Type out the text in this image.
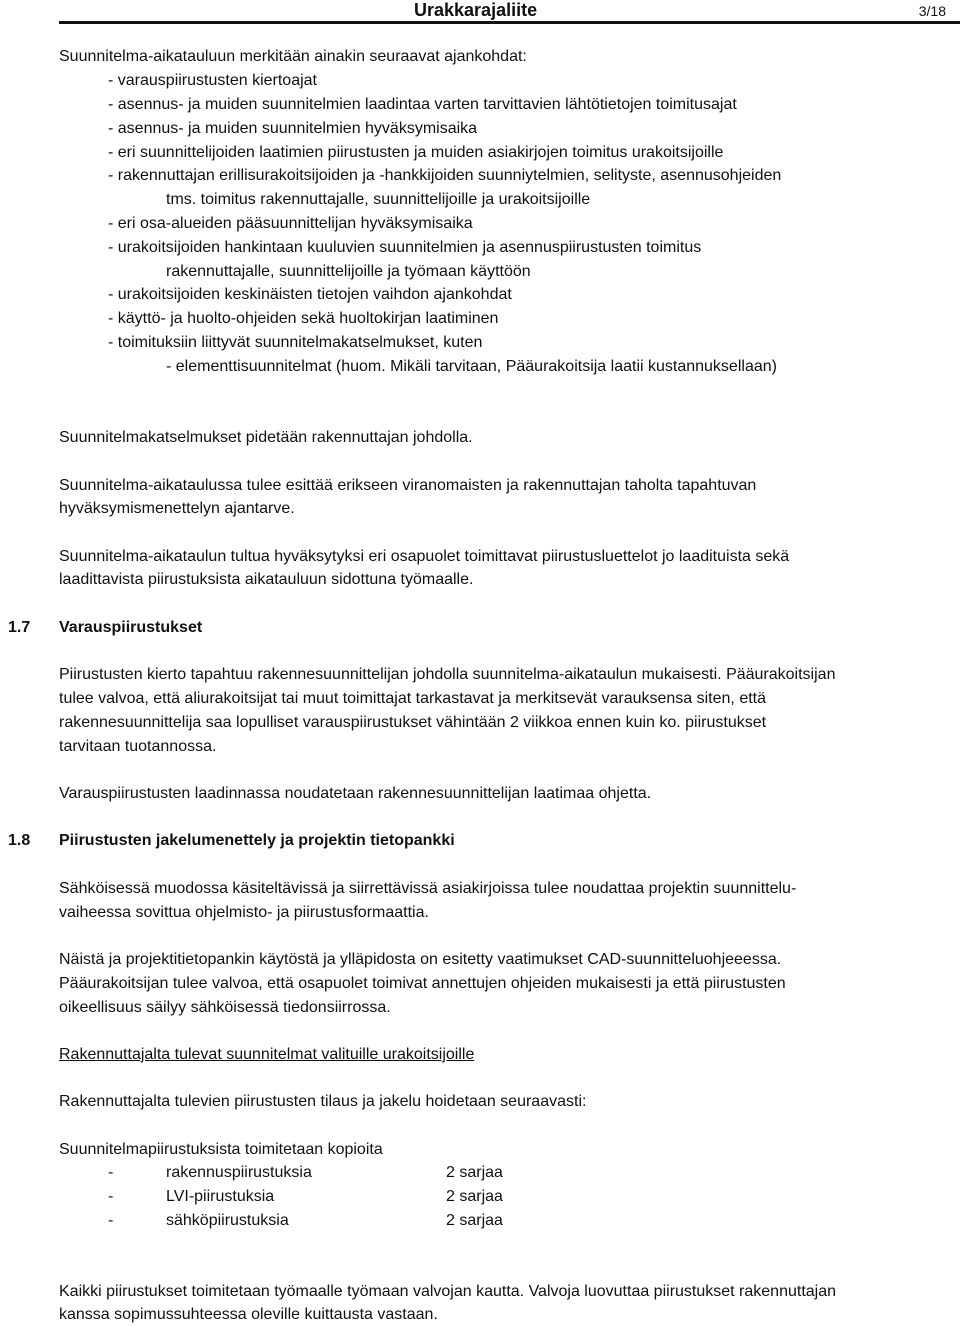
Urakkarajaliite	3/18
Suunnitelma-aikatauluun merkitään ainakin seuraavat ajankohdat:
- varauspiirustusten kiertoajat
- asennus- ja muiden suunnitelmien laadintaa varten tarvittavien lähtötietojen toimitusajat
- asennus- ja muiden suunnitelmien hyväksymisaika
- eri suunnittelijoiden laatimien piirustusten ja muiden asiakirjojen toimitus urakoitsijoille
- rakennuttajan erillisurakoitsijoiden ja -hankkijoiden suunniytelmien, selityste, asennusohjeiden
tms. toimitus rakennuttajalle, suunnittelijoille ja urakoitsijoille
- eri osa-alueiden pääsuunnittelijan hyväksymisaika
- urakoitsijoiden hankintaan kuuluvien suunnitelmien ja asennuspiirustusten toimitus
rakennuttajalle, suunnittelijoille ja työmaan käyttöön
- urakoitsijoiden keskinäisten tietojen vaihdon ajankohdat
- käyttö- ja huolto-ohjeiden sekä huoltokirjan laatiminen
- toimituksiin liittyvät suunnitelmakatselmukset, kuten
- elementtisuunnitelmat (huom. Mikäli tarvitaan, Pääurakoitsija laatii kustannuksellaan)
Suunnitelmakatselmukset pidetään rakennuttajan johdolla.
Suunnitelma-aikataulussa tulee esittää erikseen viranomaisten ja rakennuttajan taholta tapahtuvan
hyväksymismenettelyn ajantarve.
Suunnitelma-aikataulun tultua hyväksytyksi eri osapuolet toimittavat piirustusluettelot jo laadituista sekä
laadittavista piirustuksista aikatauluun sidottuna työmaalle.
1.7 Varauspiirustukset
Piirustusten kierto tapahtuu rakennesuunnittelijan johdolla suunnitelma-aikataulun mukaisesti. Pääurakoitsijan
tulee valvoa, että aliurakoitsijat tai muut toimittajat tarkastavat ja merkitsevät varauksensa siten, että
rakennesuunnittelija saa lopulliset varauspiirustukset vähintään 2 viikkoa ennen kuin ko. piirustukset
tarvitaan tuotannossa.
Varauspiirustusten laadinnassa noudatetaan rakennesuunnittelijan laatimaa ohjetta.
1.8 Piirustusten jakelumenettely ja projektin tietopankki
Sähköisessä muodossa käsiteltävissä ja siirrettävissä asiakirjoissa tulee noudattaa projektin suunnittelu-
vaiheessa sovittua ohjelmisto- ja piirustusformaattia.
Näistä ja projektitietopankin käytöstä ja ylläpidosta on esitetty vaatimukset CAD-suunnitteluohjeeessa.
Pääurakoitsijan tulee valvoa, että osapuolet toimivat annettujen ohjeiden mukaisesti ja että piirustusten
oikeellisuus säilyy sähköisessä tiedonsiirrossa.
Rakennuttajalta tulevat suunnitelmat valituille urakoitsijoille
Rakennuttajalta tulevien piirustusten tilaus ja jakelu hoidetaan seuraavasti:
Suunnitelmapiirustuksista toimitetaan kopioita
-	rakennuspiirustuksia	2 sarjaa
-	LVI-piirustuksia	2 sarjaa
-	sähköpiirustuksia	2 sarjaa
Kaikki piirustukset toimitetaan työmaalle työmaan valvojan kautta. Valvoja luovuttaa piirustukset rakennuttajan
kanssa sopimussuhteessa oleville kuittausta vastaan.
